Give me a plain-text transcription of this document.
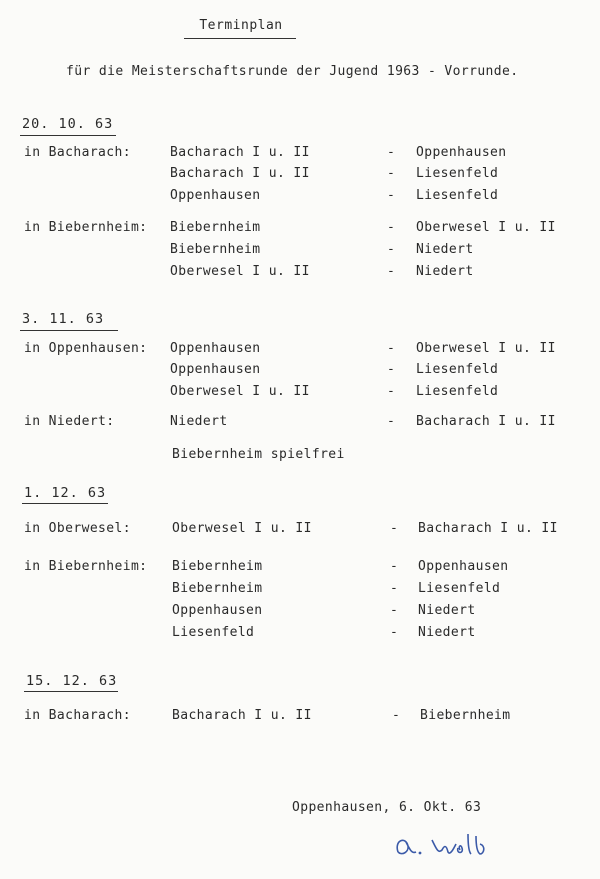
Terminplan
für die Meisterschaftsrunde der Jugend 1963 - Vorrunde.
20. 10. 63
in Bacharach:	Bacharach I u. II	- Oppenhausen
Bacharach I u. II	- Liesenfeld
Oppenhausen	- Liesenfeld
in Biebernheim: Biebernheim	- Oberwesel I u. II
Biebernheim	- Niedert
Oberwesel I u. II	- Niedert
3. 11. 63
in Oppenhausen: Oppenhausen	- Oberwesel I u. II
Oppenhausen	- Liesenfeld
Oberwesel I u. II	- Liesenfeld
in Niedert:	Niedert	- Bacharach I u. II
Biebernheim spielfrei
1. 12. 63
in Oberwesel:	Oberwesel I u. II	- Bacharach I u. II
in Biebernheim: Biebernheim	- Oppenhausen
Biebernheim	- Liesenfeld
Oppenhausen	- Niedert
Liesenfeld	- Niedert
15. 12. 63
in Bacharach:	Bacharach I u. II	- Biebernheim
Oppenhausen, 6. Okt. 63
